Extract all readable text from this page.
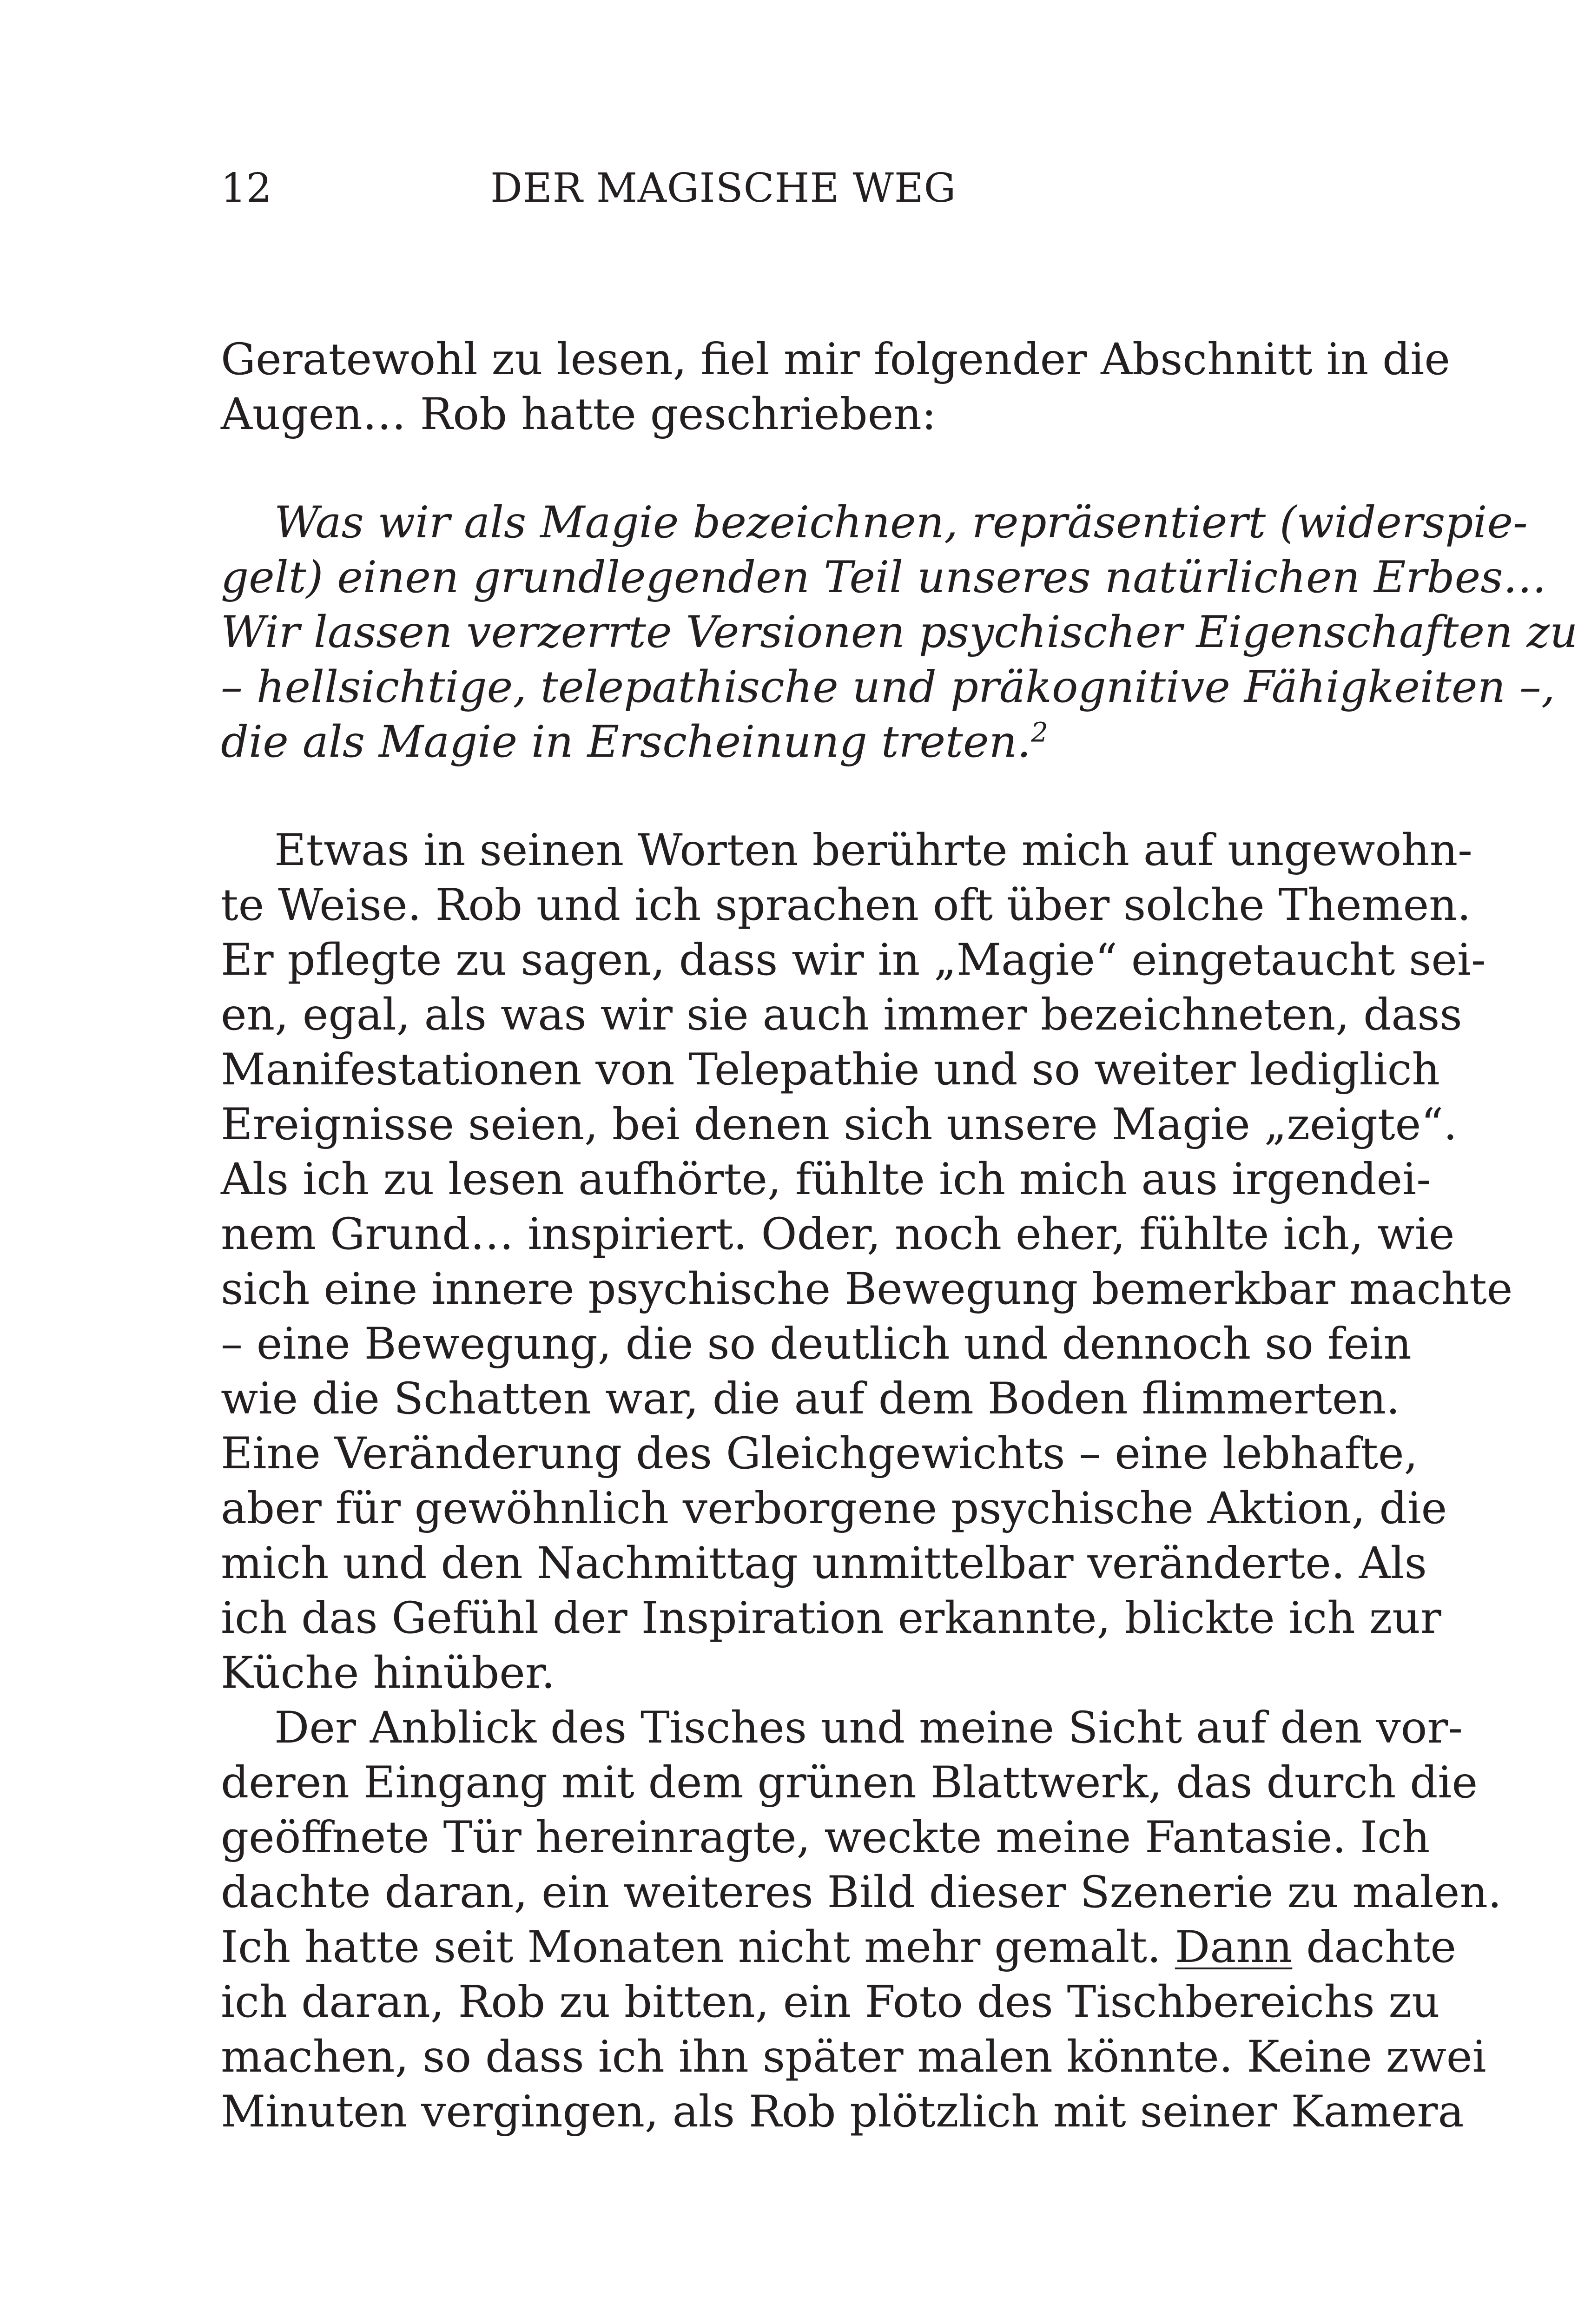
12	DER MAGISCHE WEG
Geratewohl zu lesen, fiel mir folgender Abschnitt in die
Augen… Rob hatte geschrieben:
Was wir als Magie bezeichnen, repräsentiert (widerspie-
gelt) einen grundlegenden Teil unseres natürlichen Erbes…
Wir lassen verzerrte Versionen psychischer Eigenschaften zu
– hellsichtige, telepathische und präkognitive Fähigkeiten –,
die als Magie in Erscheinung treten.$^2$
Etwas in seinen Worten berührte mich auf ungewohn-
te Weise. Rob und ich sprachen oft über solche Themen.
Er pflegte zu sagen, dass wir in „Magie“ eingetaucht sei-
en, egal, als was wir sie auch immer bezeichneten, dass
Manifestationen von Telepathie und so weiter lediglich
Ereignisse seien, bei denen sich unsere Magie „zeigte“.
Als ich zu lesen aufhörte, fühlte ich mich aus irgendei-
nem Grund… inspiriert. Oder, noch eher, fühlte ich, wie
sich eine innere psychische Bewegung bemerkbar machte
– eine Bewegung, die so deutlich und dennoch so fein
wie die Schatten war, die auf dem Boden flimmerten.
Eine Veränderung des Gleichgewichts – eine lebhafte,
aber für gewöhnlich verborgene psychische Aktion, die
mich und den Nachmittag unmittelbar veränderte. Als
ich das Gefühl der Inspiration erkannte, blickte ich zur
Küche hinüber.
Der Anblick des Tisches und meine Sicht auf den vor-
deren Eingang mit dem grünen Blattwerk, das durch die
geöffnete Tür hereinragte, weckte meine Fantasie. Ich
dachte daran, ein weiteres Bild dieser Szenerie zu malen.
Ich hatte seit Monaten nicht mehr gemalt. Dann dachte
ich daran, Rob zu bitten, ein Foto des Tischbereichs zu
machen, so dass ich ihn später malen könnte. Keine zwei
Minuten vergingen, als Rob plötzlich mit seiner Kamera
